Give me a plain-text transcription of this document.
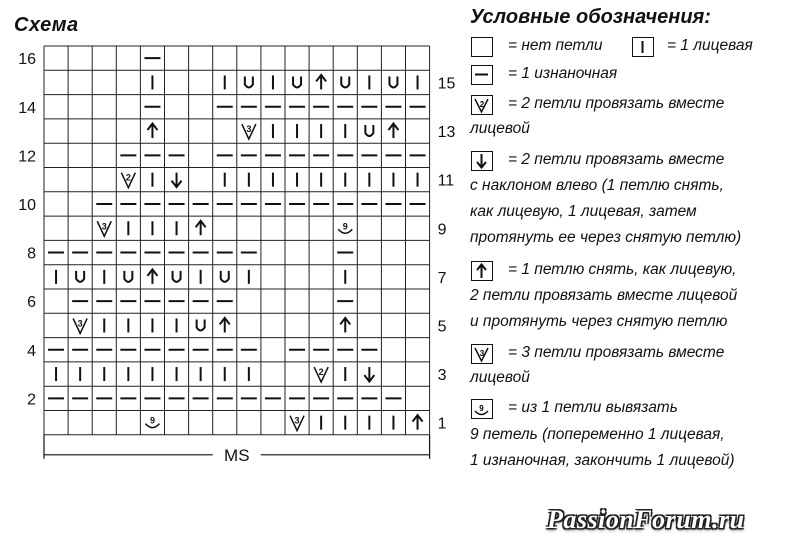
Схема	Условные обозначения:
3
2
3	9
3
2
9	3
16
14
12
10
8
6
4
2
15
13
11
9
7
5
3
1
MS
= нет петли	= 1 лицевая
= 1 изнаночная
2 = 2 петли провязать вместе
лицевой
= 2 петли провязать вместе
с наклоном влево (1 петлю снять,
как лицевую, 1 лицевая, затем
протянуть ее через снятую петлю)
= 1 петлю снять, как лицевую,
2 петли провязать вместе лицевой
и протянуть через снятую петлю
3 = 3 петли провязать вместе
лицевой
9 = из 1 петли вывязать
9 петель (попеременно 1 лицевая,
1 изнаночная, закончить 1 лицевой)
PassionForum.ru
